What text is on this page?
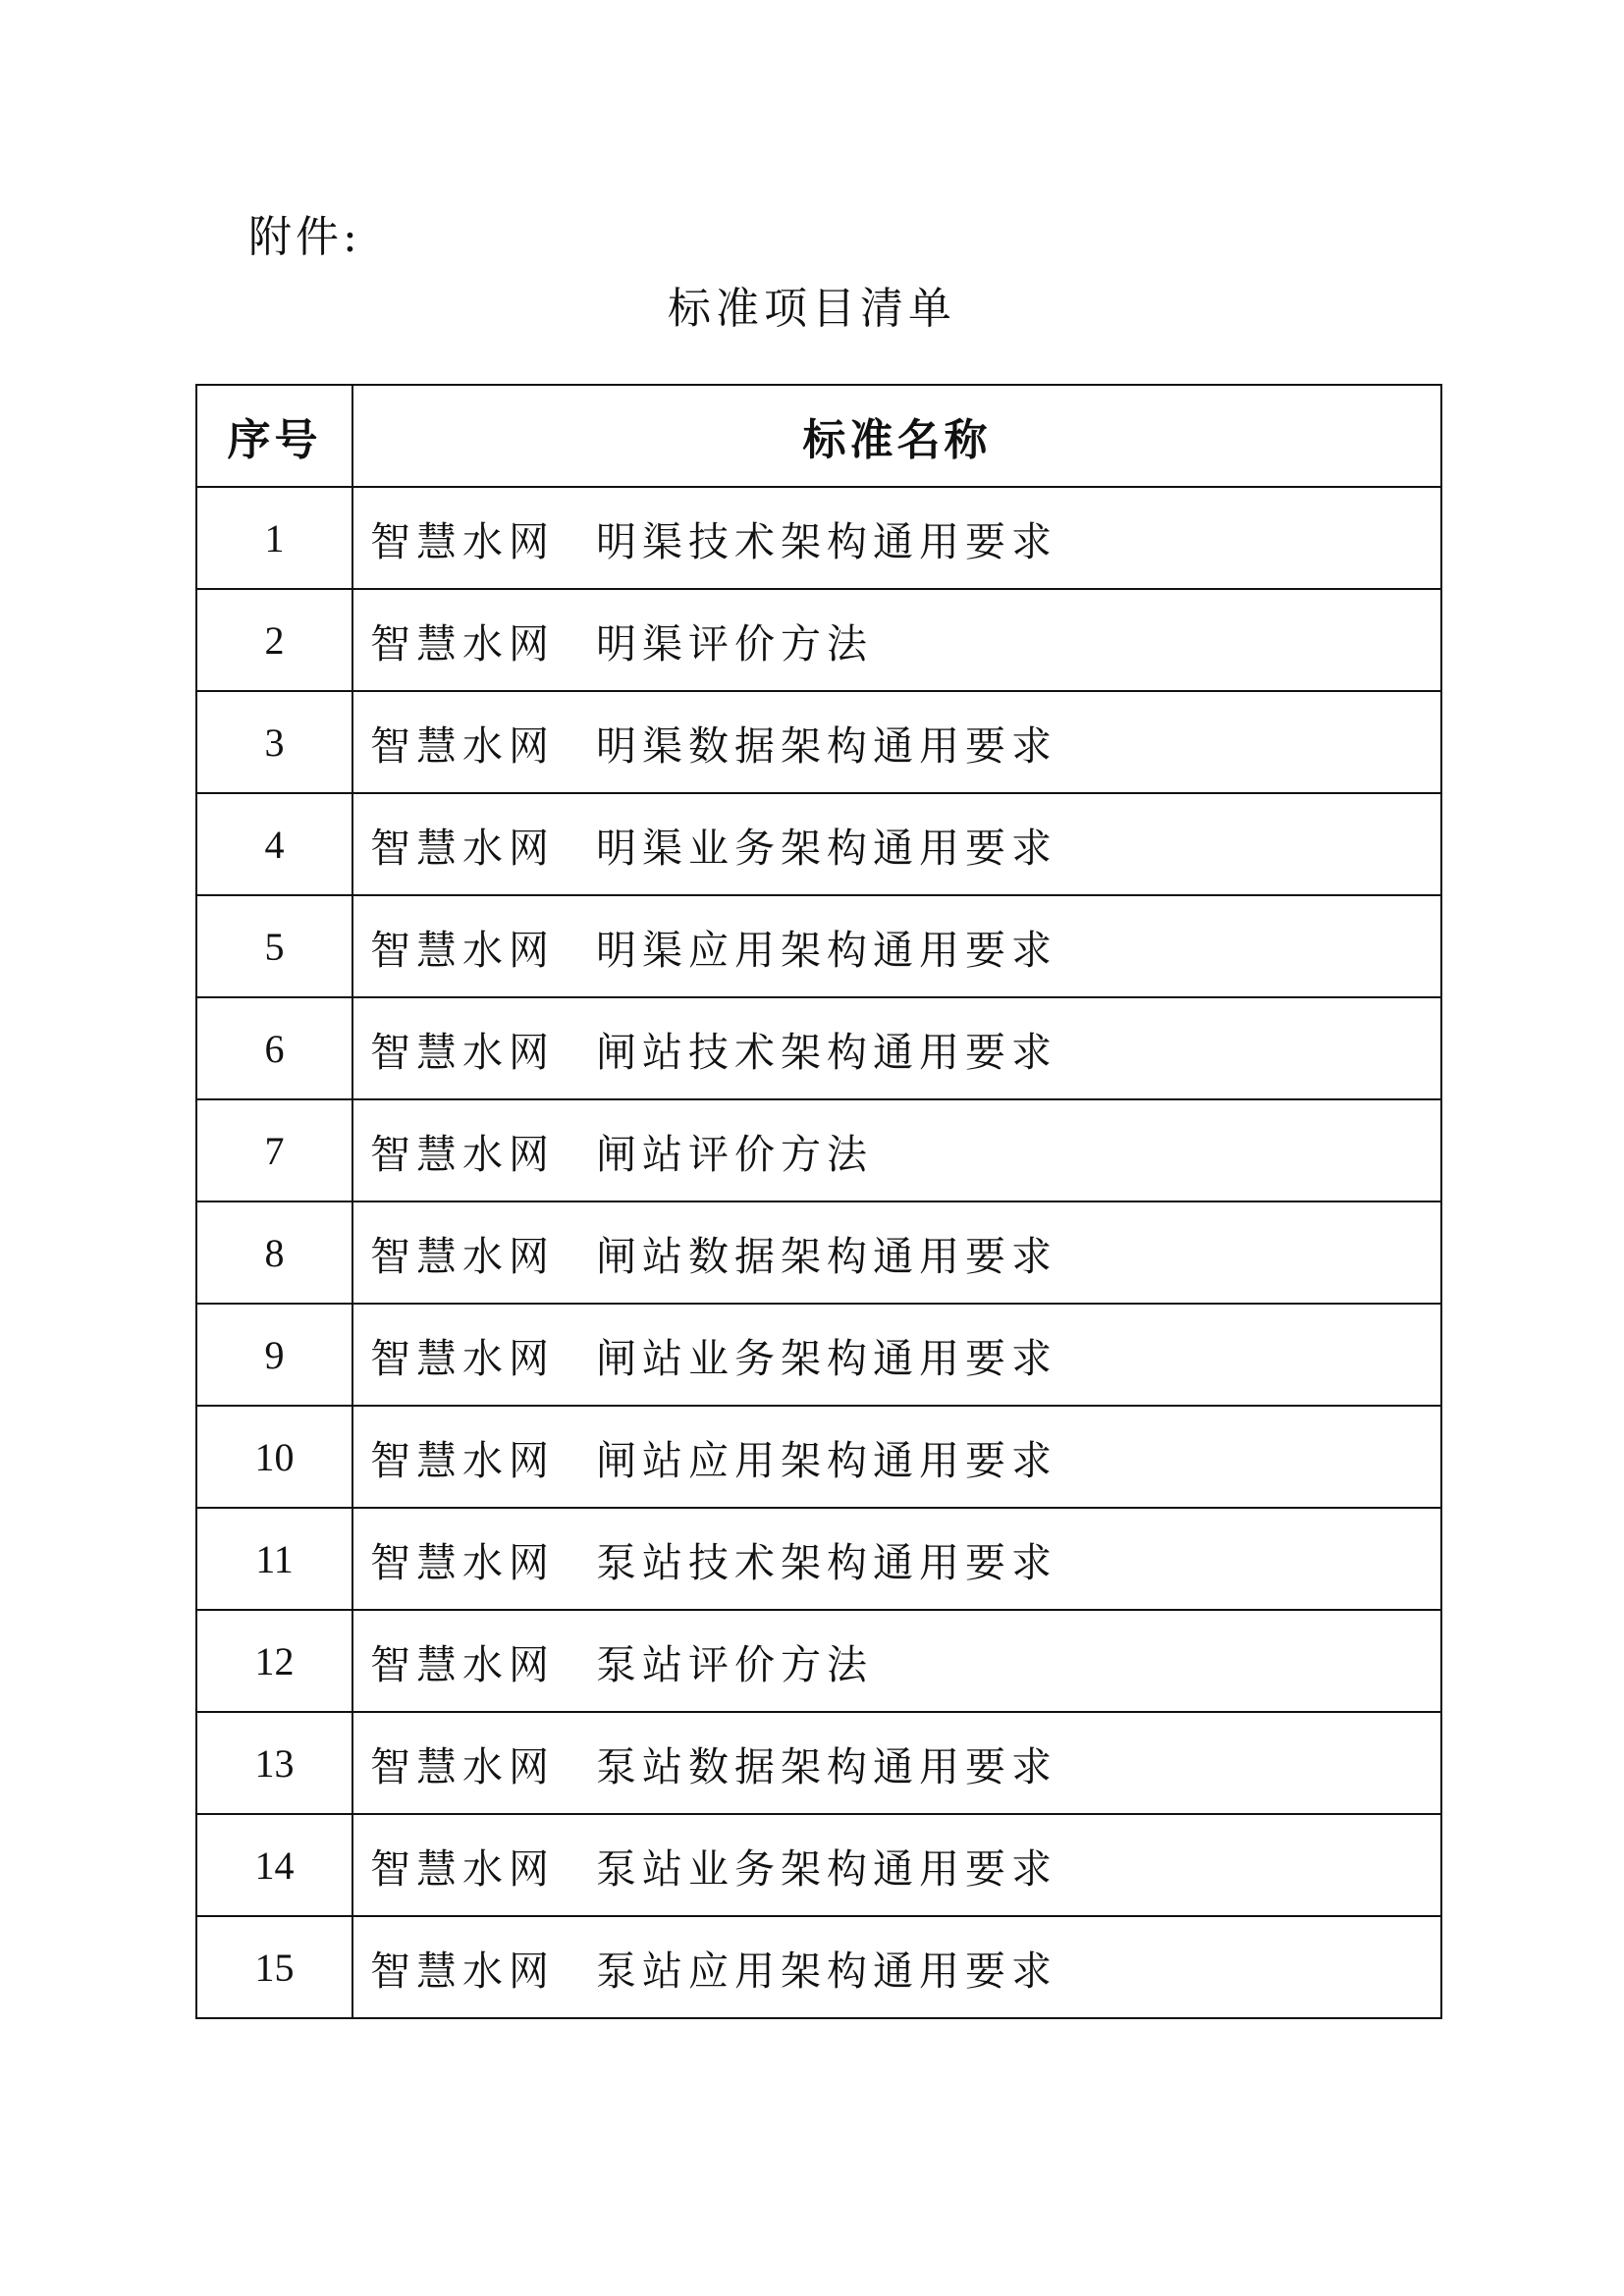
附件:
标准项目清单
序号	标准名称
1	智慧水网 明渠技术架构通用要求
2	智慧水网 明渠评价方法
3	智慧水网 明渠数据架构通用要求
4	智慧水网 明渠业务架构通用要求
5	智慧水网 明渠应用架构通用要求
6	智慧水网 闸站技术架构通用要求
7	智慧水网 闸站评价方法
8	智慧水网 闸站数据架构通用要求
9	智慧水网 闸站业务架构通用要求
10	智慧水网 闸站应用架构通用要求
11	智慧水网 泵站技术架构通用要求
12	智慧水网 泵站评价方法
13	智慧水网 泵站数据架构通用要求
14	智慧水网 泵站业务架构通用要求
15	智慧水网 泵站应用架构通用要求
